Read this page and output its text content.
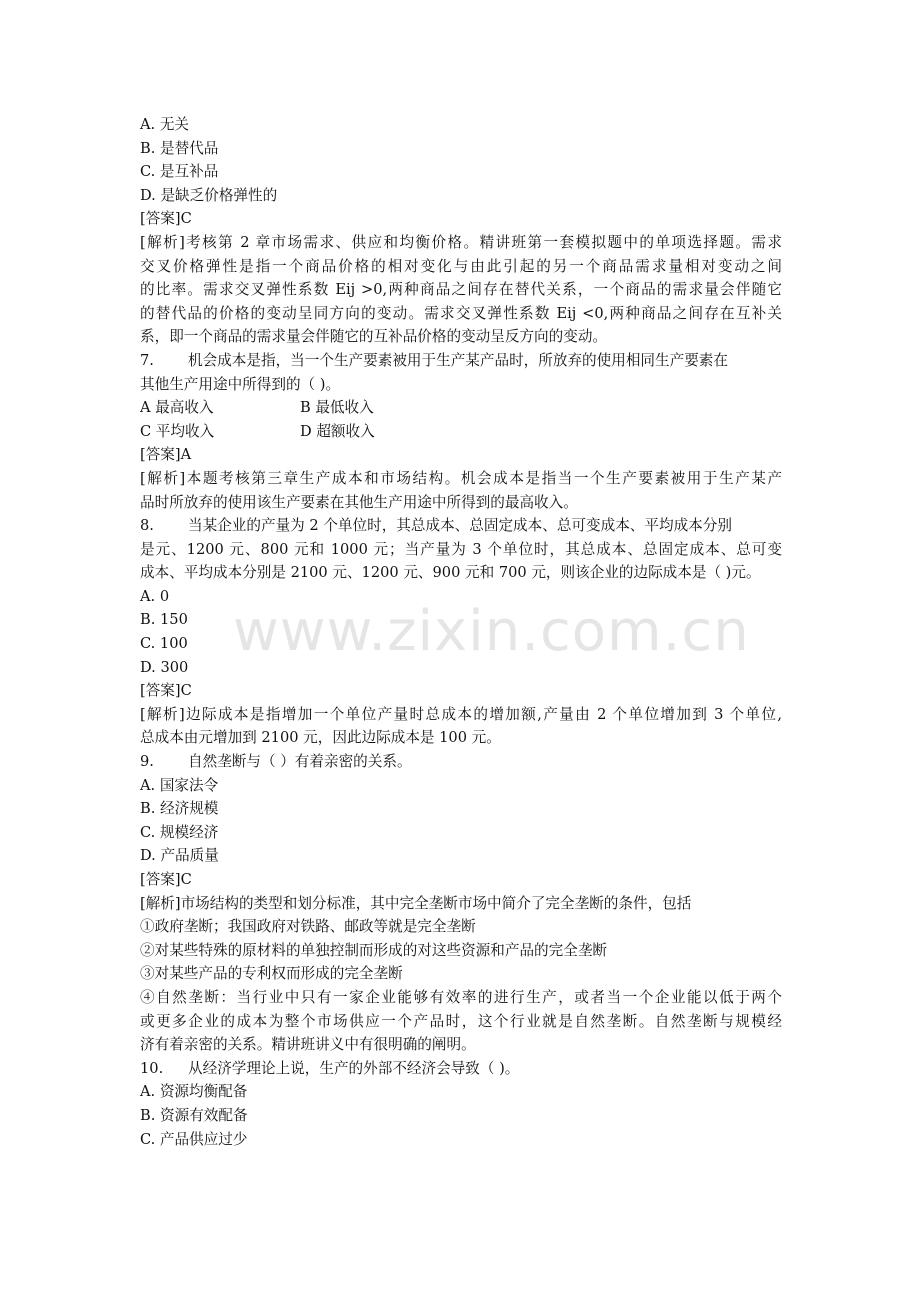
www.zixin.com.cn
A. 无关
B. 是替代品
C. 是互补品
D. 是缺乏价格弹性的
[答案]C
[解析]考核第 2 章市场需求、供应和均衡价格。精讲班第一套模拟题中的单项选择题。需求
交叉价格弹性是指一个商品价格的相对变化与由此引起的另一个商品需求量相对变动之间
的比率。需求交叉弹性系数 Eij >0,两种商品之间存在替代关系，一个商品的需求量会伴随它
的替代品的价格的变动呈同方向的变动。需求交叉弹性系数 Eij <0,两种商品之间存在互补关
系，即一个商品的需求量会伴随它的互补品价格的变动呈反方向的变动。
7. 机会成本是指，当一个生产要素被用于生产某产品时，所放弃的使用相同生产要素在
其他生产用途中所得到的（ )。
A 最高收入	B 最低收入
C 平均收入	D 超额收入
[答案]A
[解析]本题考核第三章生产成本和市场结构。机会成本是指当一个生产要素被用于生产某产
品时所放弃的使用该生产要素在其他生产用途中所得到的最高收入。
8. 当某企业的产量为 2 个单位时，其总成本、总固定成本、总可变成本、平均成本分别
是元、1200 元、800 元和 1000 元；当产量为 3 个单位时，其总成本、总固定成本、总可变
成本、平均成本分别是 2100 元、1200 元、900 元和 700 元，则该企业的边际成本是（ )元。
A. 0
B. 150
C. 100
D. 300
[答案]C
[解析]边际成本是指增加一个单位产量时总成本的增加额,产量由 2 个单位增加到 3 个单位,
总成本由元增加到 2100 元，因此边际成本是 100 元。
9. 自然垄断与（ ）有着亲密的关系。
A. 国家法令
B. 经济规模
C. 规模经济
D. 产品质量
[答案]C
[解析]市场结构的类型和划分标准，其中完全垄断市场中简介了完全垄断的条件，包括
①政府垄断；我国政府对铁路、邮政等就是完全垄断
②对某些特殊的原材料的单独控制而形成的对这些资源和产品的完全垄断
③对某些产品的专利权而形成的完全垄断
④自然垄断：当行业中只有一家企业能够有效率的进行生产，或者当一个企业能以低于两个
或更多企业的成本为整个市场供应一个产品时，这个行业就是自然垄断。自然垄断与规模经
济有着亲密的关系。精讲班讲义中有很明确的阐明。
10. 从经济学理论上说，生产的外部不经济会导致（ )。
A. 资源均衡配备
B. 资源有效配备
C. 产品供应过少
